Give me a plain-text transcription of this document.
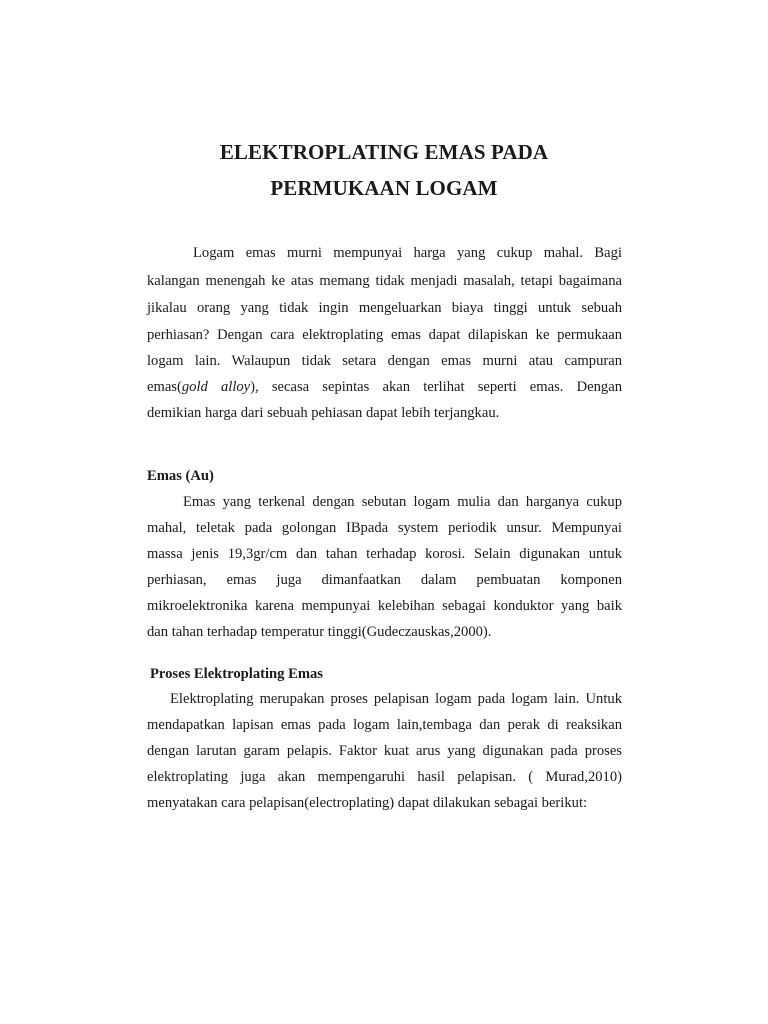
ELEKTROPLATING EMAS PADA
PERMUKAAN LOGAM
Logam emas murni mempunyai harga yang cukup mahal. Bagi
kalangan menengah ke atas memang tidak menjadi masalah, tetapi bagaimana
jikalau orang yang tidak ingin mengeluarkan biaya tinggi untuk sebuah
perhiasan? Dengan cara elektroplating emas dapat dilapiskan ke permukaan
logam lain. Walaupun tidak setara dengan emas murni atau campuran
emas(gold alloy), secasa sepintas akan terlihat seperti emas. Dengan
demikian harga dari sebuah pehiasan dapat lebih terjangkau.
Emas (Au)
Emas yang terkenal dengan sebutan logam mulia dan harganya cukup
mahal, teletak pada golongan IBpada system periodik unsur. Mempunyai
massa jenis 19,3gr/cm dan tahan terhadap korosi. Selain digunakan untuk
perhiasan, emas juga dimanfaatkan dalam pembuatan komponen
mikroelektronika karena mempunyai kelebihan sebagai konduktor yang baik
dan tahan terhadap temperatur tinggi(Gudeczauskas,2000).
Proses Elektroplating Emas
Elektroplating merupakan proses pelapisan logam pada logam lain. Untuk
mendapatkan lapisan emas pada logam lain,tembaga dan perak di reaksikan
dengan larutan garam pelapis. Faktor kuat arus yang digunakan pada proses
elektroplating juga akan mempengaruhi hasil pelapisan. ( Murad,2010)
menyatakan cara pelapisan(electroplating) dapat dilakukan sebagai berikut:
